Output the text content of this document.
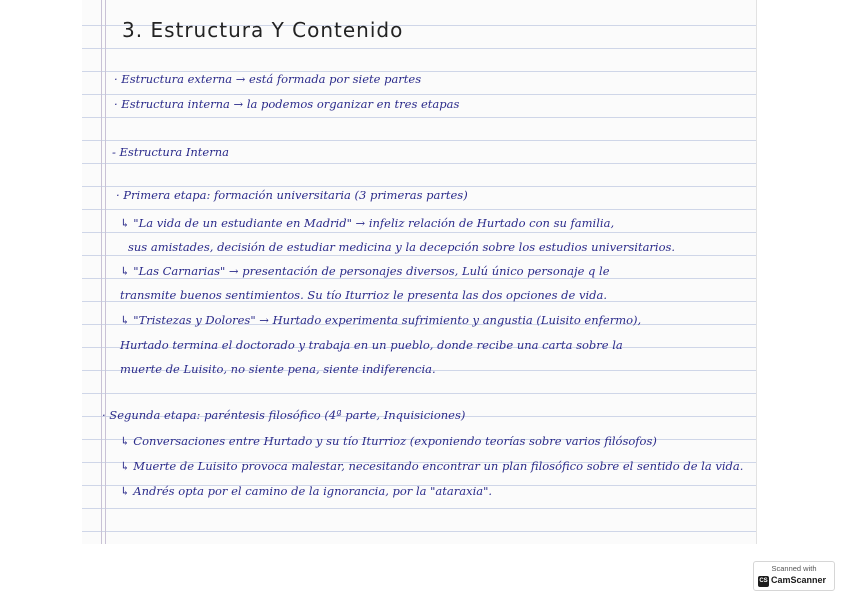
3. Estructura Y Contenido
· Estructura externa → está formada por siete partes
· Estructura interna → la podemos organizar en tres etapas
- Estructura Interna
· Primera etapa: formación universitaria (3 primeras partes)
↳ "La vida de un estudiante en Madrid" → infeliz relación de Hurtado con su familia,
sus amistades, decisión de estudiar medicina y la decepción sobre los estudios universitarios.
↳ "Las Carnarias" → presentación de personajes diversos, Lulú único personaje q le
transmite buenos sentimientos. Su tío Iturrioz le presenta las dos opciones de vida.
↳ "Tristezas y Dolores" → Hurtado experimenta sufrimiento y angustia (Luisito enfermo),
Hurtado termina el doctorado y trabaja en un pueblo, donde recibe una carta sobre la
muerte de Luisito, no siente pena, siente indiferencia.
· Segunda etapa: paréntesis filosófico (4ª parte, Inquisiciones)
↳ Conversaciones entre Hurtado y su tío Iturrioz (exponiendo teorías sobre varios filósofos)
↳ Muerte de Luisito provoca malestar, necesitando encontrar un plan filosófico sobre el sentido de la vida.
↳ Andrés opta por el camino de la ignorancia, por la "ataraxia".
Scanned with
CS CamScanner
